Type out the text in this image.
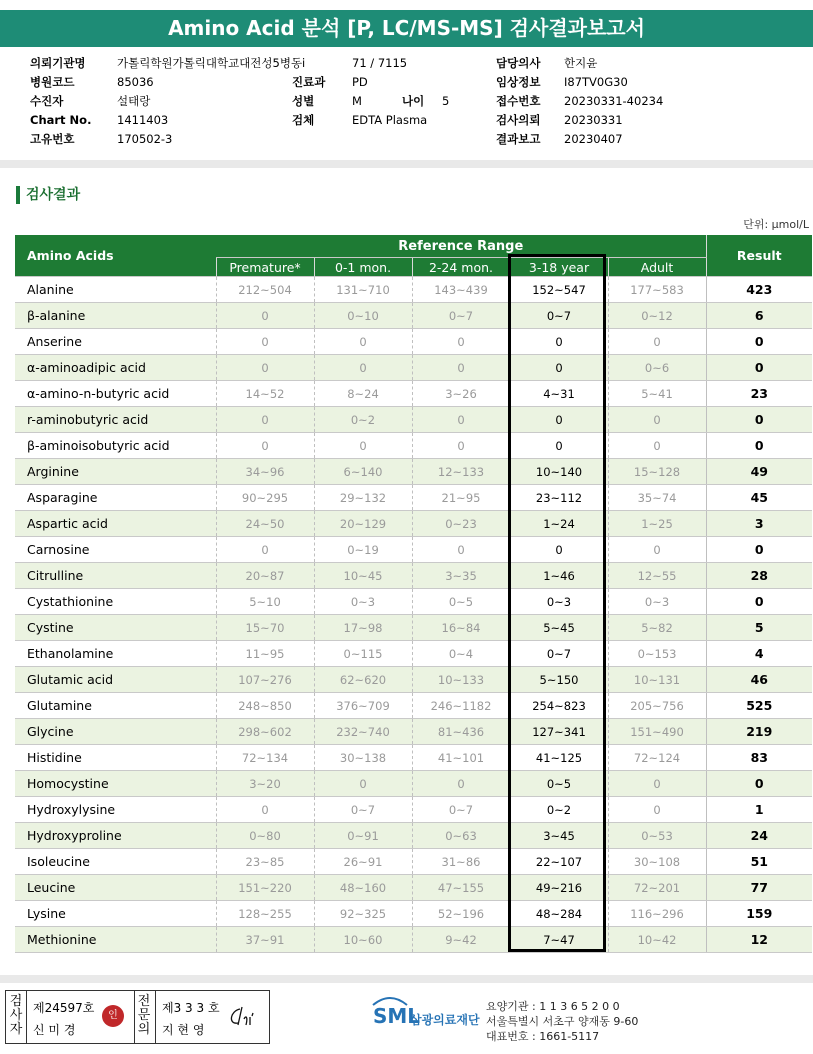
Amino Acid 분석 [P, LC/MS-MS] 검사결과보고서
의뢰기관명	가톨릭학원가톨릭대학교대전성5병동i
병원코드	85036
수진자	설태랑
Chart No. 1411403
고유번호	170502-3
71 / 7115
진료과 PD
성별	M	나이 5
검체	EDTA Plasma
담당의사 한지윤
임상정보 I87TV0G30
접수번호 20230331-40234
검사의뢰 20230331
결과보고 20230407
검사결과
단위: μmol/L
Amino Acids	Reference Range					Result
	Premature*	0-1 mon.	2-24 mon.	3-18 year	Adult	
Alanine	212~504	131~710	143~439	152~547	177~583	423
β-alanine	0	0~10	0~7	0~7	0~12	6
Anserine	0	0	0	0	0	0
α-aminoadipic acid	0	0	0	0	0~6	0
α-amino-n-butyric acid	14~52	8~24	3~26	4~31	5~41	23
r-aminobutyric acid	0	0~2	0	0	0	0
β-aminoisobutyric acid	0	0	0	0	0	0
Arginine	34~96	6~140	12~133	10~140	15~128	49
Asparagine	90~295	29~132	21~95	23~112	35~74	45
Aspartic acid	24~50	20~129	0~23	1~24	1~25	3
Carnosine	0	0~19	0	0	0	0
Citrulline	20~87	10~45	3~35	1~46	12~55	28
Cystathionine	5~10	0~3	0~5	0~3	0~3	0
Cystine	15~70	17~98	16~84	5~45	5~82	5
Ethanolamine	11~95	0~115	0~4	0~7	0~153	4
Glutamic acid	107~276	62~620	10~133	5~150	10~131	46
Glutamine	248~850	376~709	246~1182	254~823	205~756	525
Glycine	298~602	232~740	81~436	127~341	151~490	219
Histidine	72~134	30~138	41~101	41~125	72~124	83
Homocystine	3~20	0	0	0~5	0	0
Hydroxylysine	0	0~7	0~7	0~2	0	1
Hydroxyproline	0~80	0~91	0~63	3~45	0~53	24
Isoleucine	23~85	26~91	31~86	22~107	30~108	51
Leucine	151~220	48~160	47~155	49~216	72~201	77
Lysine	128~255	92~325	52~196	48~284	116~296	159
Methionine	37~91	10~60	9~42	7~47	10~42	12
검
사
자
제24597호
신 미 경
인
전
문
의
제3 3 3 호
지 현 영
SML
삼광의료재단
요양기관 : 1 1 3 6 5 2 0 0
서울특별시 서초구 양재동 9-60
대표번호 : 1661-5117
